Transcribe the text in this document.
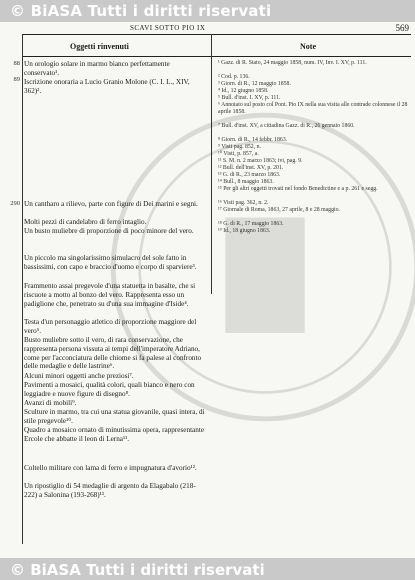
© BiASA Tutti i diritti riservati
SCAVI SOTTO PIO IX	569
Oggetti rinvenuti	Note
88
89
290
Un orologio solare in marmo bianco perfettamente conservato¹.
Iscrizione onoraria a Lucio Granio Molone (C. I. L., XIV, 362)².
Un cantharo a rilievo, parte con figure di Dei marini e segni.
Molti pezzi di candelabro di ferro intaglio.
Un busto muliebre di proporzione di poco minore del vero.
Un piccolo ma singolarissimo simulacro del sole fatto in bassissimi, con capo e braccio d'uomo e corpo di sparviere³.
Frammento assai pregevole d'una statuetta in basalte, che si riscuote a motto al bonzo del vero. Rappresenta esso un padiglione che, penetrato su d'una sua immagine d'Iside⁴.
Testa d'un personaggio atletico di proporzione maggiore del vero⁵.
Busto muliebre sotto il vero, di rara conservazione, che rappresenta persona vissuta ai tempi dell'imperatore Adriano, come per l'acconciatura delle chiome si fa palese al confronto delle medaglie e delle lastrine⁶.
Alcuni minori oggetti anche preziosi⁷.
Pavimenti a mosaici, qualità colori, quali bianco e nero con leggiadre e nuove figure di disegno⁸.
Avanzi di mobili⁹.
Sculture in marmo, tra cui una statua giovanile, quasi intera, di stile pregevole¹⁰.
Quadro a mosaico ornato di minutissima opera, rappresentante Ercole che abbatte il leon di Lerna¹¹.
Coltello militare con lama di ferro e impugnatura d'avorio¹².
Un ripostiglio di 54 medaglie di argento da Elagabalo (218-222) a Salonina (193-268)¹³.
¹ Gazz. di R. Stato, 24 maggio 1858, num. IV, Inv. I. XV, p. 111.
² Cod. p. 136.
³ Giorn. di R., 12 maggio 1858.
⁴ Id., 12 giugno 1858.
⁵ Bull. d'inst. I. XV, p. 111.
⁶ Annotato sul posto col Pont. Pio IX nella sua visita alle contrade colonnese il 28 aprile 1858.
⁷ Bull. d'inst. XV, a cittadina Gazz. di R., 26 gennaio 1860.
⁸ Giorn. di R., 14 febbr. 1863.
⁹ Visti pag. 852, n.
¹⁰ Visti, p. 857, a.
¹¹ S. M. n. 2 marzo 1863; ivi, pag. 9.
¹² Bull. dell'inst. XV, p. 201.
¹³ G. di R., 23 marzo 1863.
¹⁴ Bull., 8 maggio 1863.
¹⁵ Per gli altri oggetti trovati nel fondo Benedictine e a p. 261 e segg.
¹⁶ Visti pag. 362, n. 2.
¹⁷ Giornale di Roma, 1863, 27 aprile, 8 e 28 maggio.
¹⁸ G. di R., 17 maggio 1863.
¹⁹ Id., 18 giugno 1863.
© BiASA Tutti i diritti riservati
